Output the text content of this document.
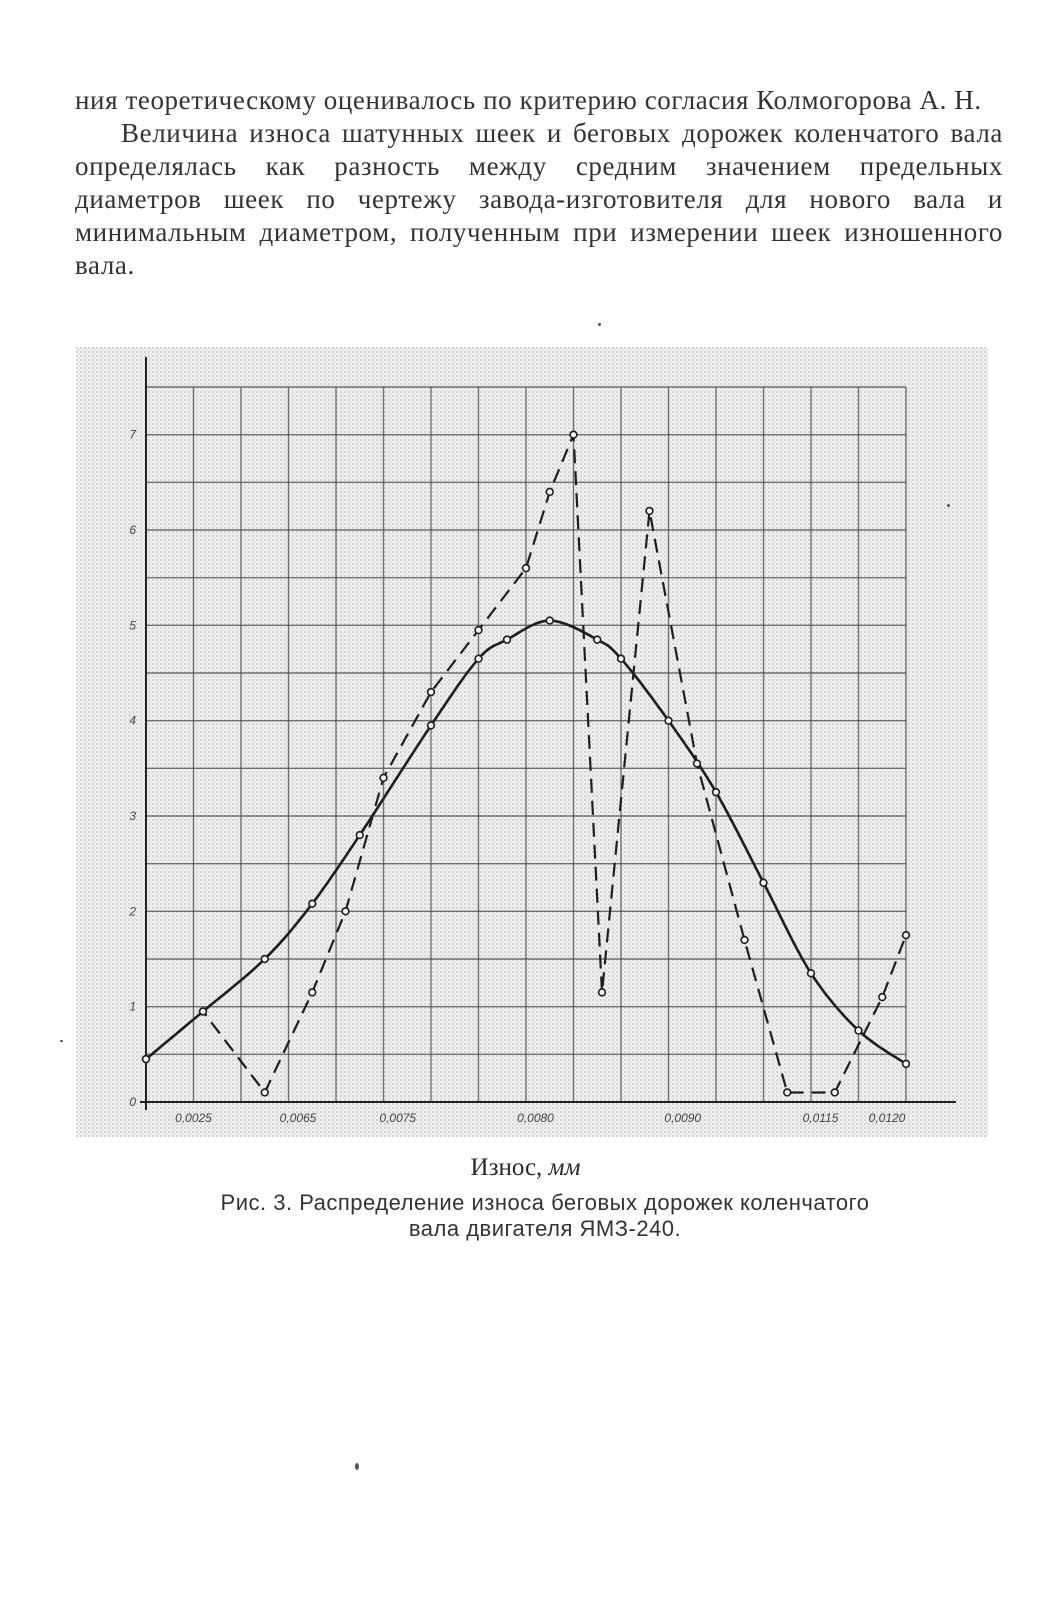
ния теоретическому оценивалось по критерию согласия Колмогорова А. Н.

Величина износа шатунных шеек и беговых дорожек коленчатого вала определялась как разность между средним значением предельных диаметров шеек по чертежу завода-изготовителя для нового вала и минимальным диаметром, полученным при измерении шеек изношенного вала.

0
1
2
3
4
5
6
7
0,0025	0,0065	0,0075	0,0080	0,0090	0,0115	0,0120
Износ, мм
Рис. 3. Распределение износа беговых дорожек коленчатого
вала двигателя ЯМЗ-240.
